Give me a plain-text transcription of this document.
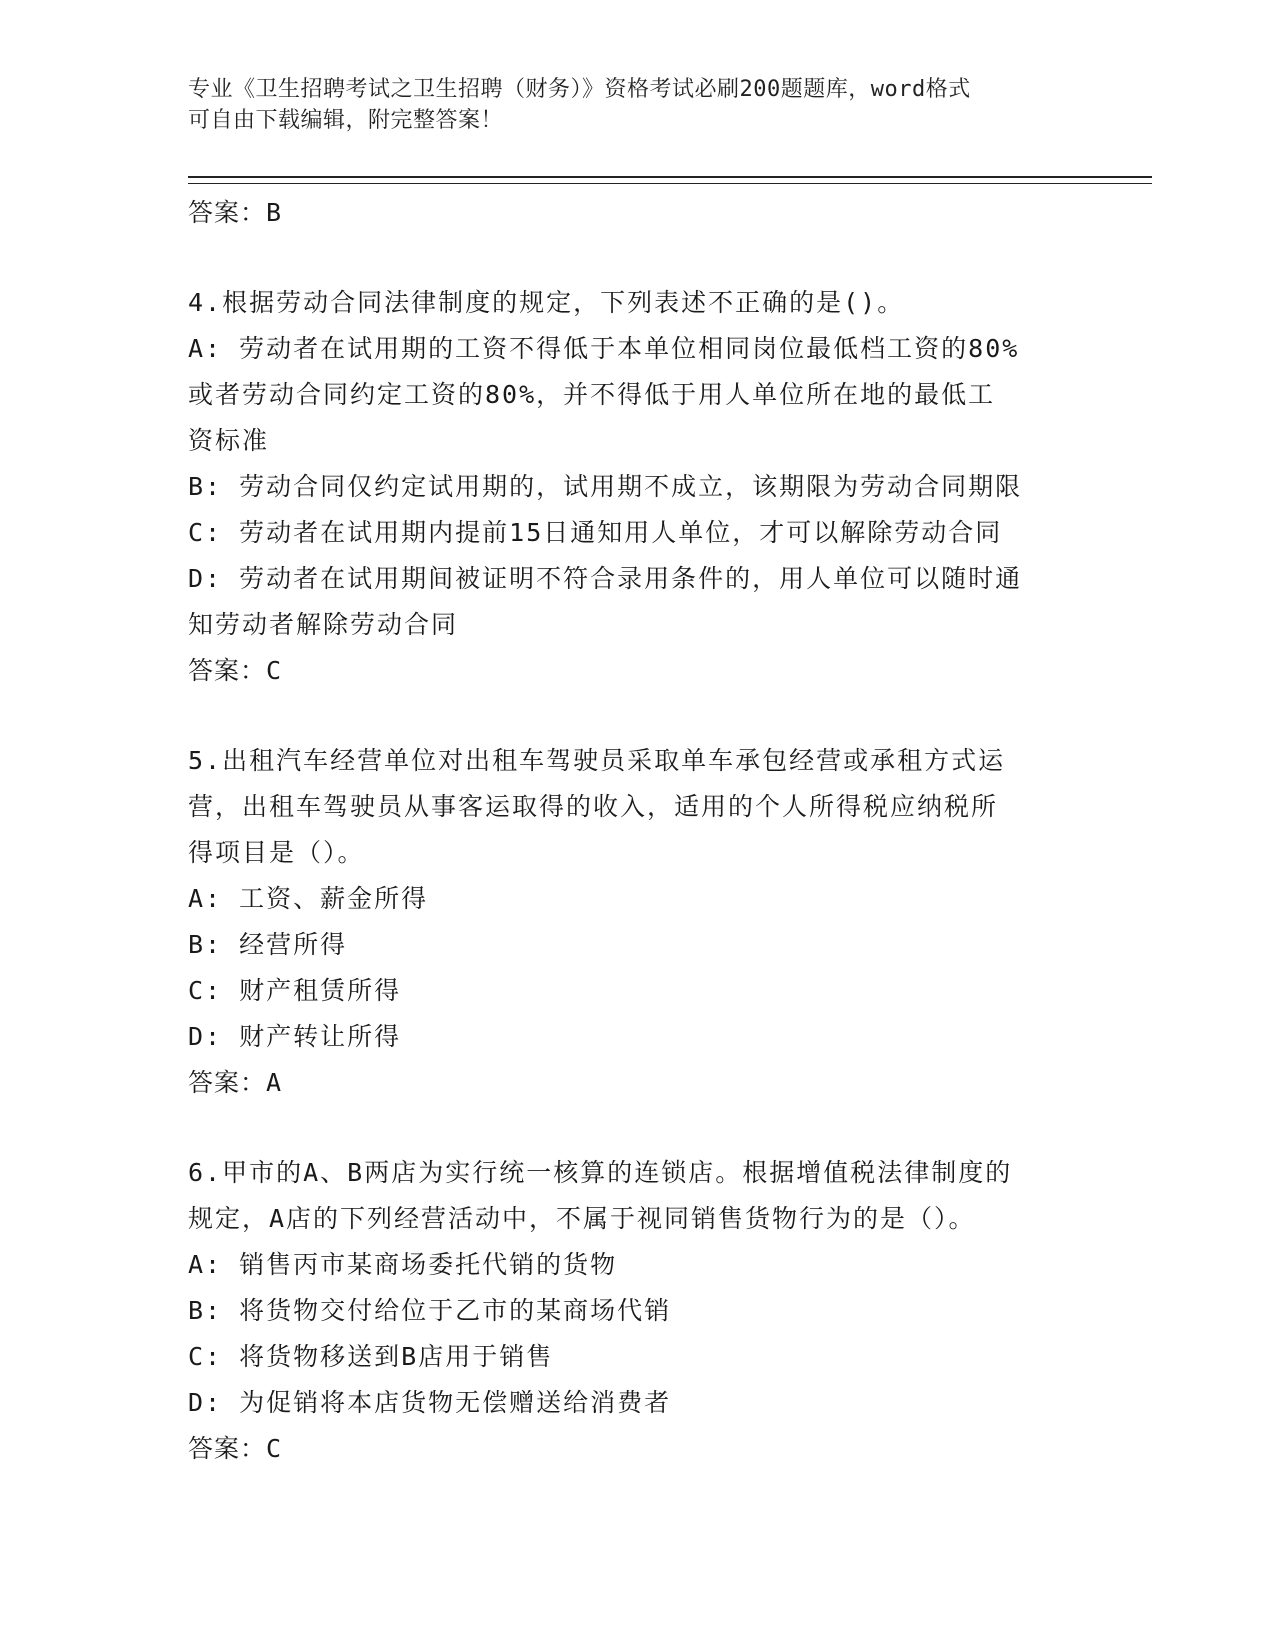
专业《卫生招聘考试之卫生招聘（财务）》资格考试必刷200题题库，word格式
可自由下载编辑，附完整答案！
答案：B
4.根据劳动合同法律制度的规定，下列表述不正确的是()。
A: 劳动者在试用期的工资不得低于本单位相同岗位最低档工资的80%
或者劳动合同约定工资的80%，并不得低于用人单位所在地的最低工
资标准
B: 劳动合同仅约定试用期的，试用期不成立，该期限为劳动合同期限
C: 劳动者在试用期内提前15日通知用人单位，才可以解除劳动合同
D: 劳动者在试用期间被证明不符合录用条件的，用人单位可以随时通
知劳动者解除劳动合同
答案：C
5.出租汽车经营单位对出租车驾驶员采取单车承包经营或承租方式运
营，出租车驾驶员从事客运取得的收入，适用的个人所得税应纳税所
得项目是（）。
A: 工资、薪金所得
B: 经营所得
C: 财产租赁所得
D: 财产转让所得
答案：A
6.甲市的A、B两店为实行统一核算的连锁店。根据增值税法律制度的
规定，A店的下列经营活动中，不属于视同销售货物行为的是（）。
A: 销售丙市某商场委托代销的货物
B: 将货物交付给位于乙市的某商场代销
C: 将货物移送到B店用于销售
D: 为促销将本店货物无偿赠送给消费者
答案：C
